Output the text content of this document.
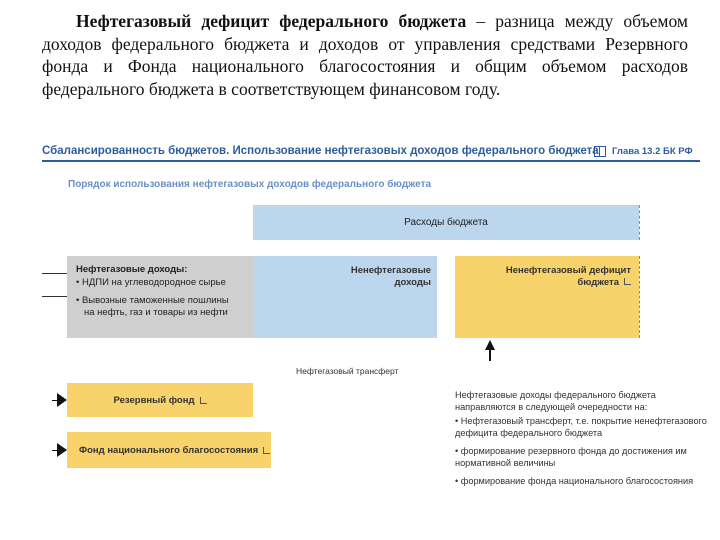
Нефтегазовый дефицит федерального бюджета – разница между объемом доходов федерального бюджета и доходов от управления средствами Резервного фонда и Фонда национального благосостояния и общим объемом расходов федерального бюджета в соответствующем финансовом году.
Сбалансированность бюджетов. Использование нефтегазовых доходов федерального бюджета Глава 13.2 БК РФ
Порядок использования нефтегазовых доходов федерального бюджета
Расходы бюджета
Нефтегазовые доходы:
• НДПИ на углеводородное сырье
• Вывозные таможенные пошлины
на нефть, газ и товары из нефти
Ненефтегазовые
доходы
Ненефтегазовый дефицит
бюджета
Нефтегазовый трансферт
Резервный фонд
Фонд национального благосостояния
Нефтегазовые доходы федерального бюджета направляются в следующей очередности на:
• Нефтегазовый трансферт, т.е. покрытие ненефтегазового дефицита федерального бюджета
• формирование резервного фонда до достижения им нормативной величины
• формирование фонда национального благосостояния
